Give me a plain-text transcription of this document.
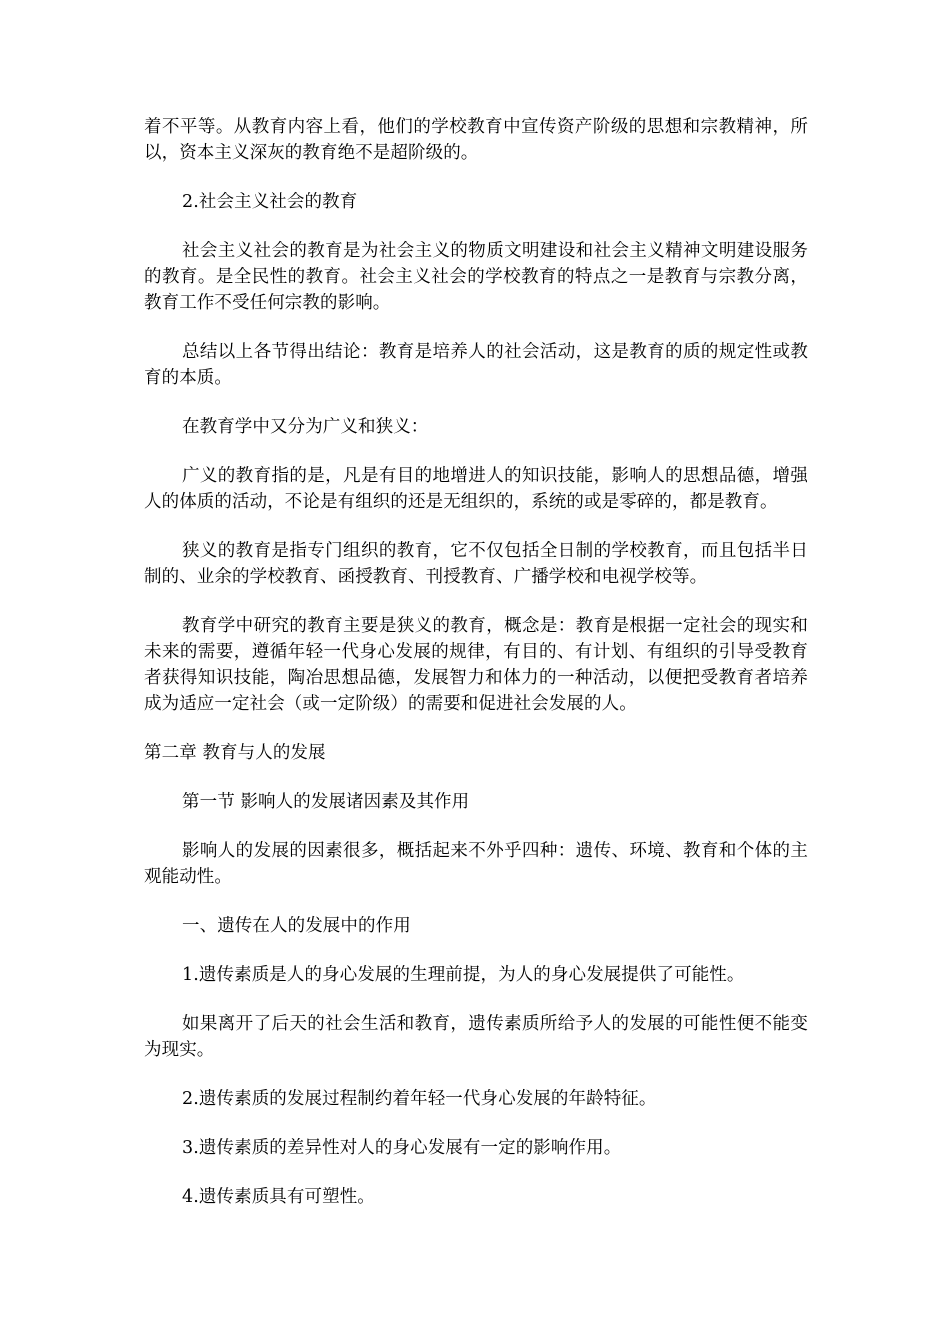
着不平等。从教育内容上看，他们的学校教育中宣传资产阶级的思想和宗教精神，所以，资本主义深灰的教育绝不是超阶级的。

2.社会主义社会的教育

社会主义社会的教育是为社会主义的物质文明建设和社会主义精神文明建设服务的教育。是全民性的教育。社会主义社会的学校教育的特点之一是教育与宗教分离，教育工作不受任何宗教的影响。

总结以上各节得出结论：教育是培养人的社会活动，这是教育的质的规定性或教育的本质。

在教育学中又分为广义和狭义：

广义的教育指的是，凡是有目的地增进人的知识技能，影响人的思想品德，增强人的体质的活动，不论是有组织的还是无组织的，系统的或是零碎的，都是教育。

狭义的教育是指专门组织的教育，它不仅包括全日制的学校教育，而且包括半日制的、业余的学校教育、函授教育、刊授教育、广播学校和电视学校等。

教育学中研究的教育主要是狭义的教育，概念是：教育是根据一定社会的现实和未来的需要，遵循年轻一代身心发展的规律，有目的、有计划、有组织的引导受教育者获得知识技能，陶冶思想品德，发展智力和体力的一种活动，以便把受教育者培养成为适应一定社会（或一定阶级）的需要和促进社会发展的人。

第二章 教育与人的发展

第一节 影响人的发展诸因素及其作用

影响人的发展的因素很多，概括起来不外乎四种：遗传、环境、教育和个体的主观能动性。

一、遗传在人的发展中的作用

1.遗传素质是人的身心发展的生理前提，为人的身心发展提供了可能性。

如果离开了后天的社会生活和教育，遗传素质所给予人的发展的可能性便不能变为现实。

2.遗传素质的发展过程制约着年轻一代身心发展的年龄特征。

3.遗传素质的差异性对人的身心发展有一定的影响作用。

4.遗传素质具有可塑性。
